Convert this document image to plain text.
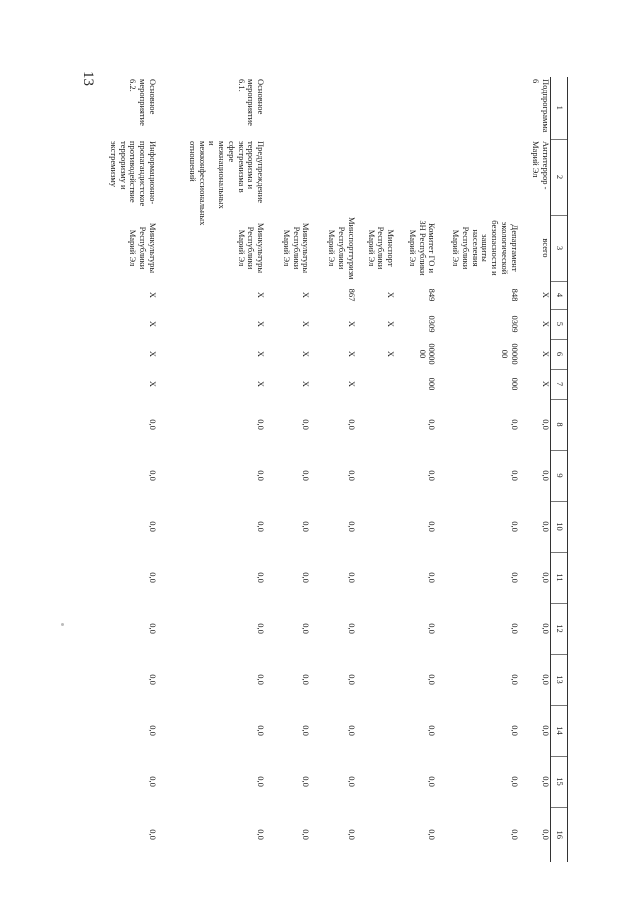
13
1	2	3	4	5	6	7	8	9	10	11	12	13	14	15	16
Подпрограмма 6	Антитеррор - Марий Эл	всего	X	X	X	X	0,0	0,0	0,0	0,0	0,0	0,0	0,0	0,0	0,0
		Департамент экологической безопасности и защиты населения Республики Марий Эл	848	0309	00000 00	000	0,0	0,0	0,0	0,0	0,0	0,0	0,0	0,0	0,0
		Комитет ГО и ЗН Республики Марий Эл	849	0309	00000 00	000	0,0	0,0	0,0	0,0	0,0	0,0	0,0	0,0	0,0
		Минспорт Республики Марий Эл	X	X	X										
		Минспорттуризм Республики Марий Эл	867	X	X	X	0,0	0,0	0,0	0,0	0,0	0,0	0,0	0,0	0,0
		Минкультуры Республики Марий Эл	X	X	X	X	0,0	0,0	0,0	0,0	0,0	0,0	0,0	0,0	0,0
Основное мероприятие 6.1.	Предупреждение терроризма и экстремизма в сфере межнациональных и межконфессиональных отношений	Минкультуры Республики Марий Эл	X	X	X	X	0,0	0,0	0,0	0,0	0,0	0,0	0,0	0,0	0,0
Основное мероприятие 6.2.	Информационно-пропагандистское противодействие терроризму и экстремизму	Минкультуры Республики Марий Эл	X	X	X	X	0,0	0,0	0,0	0,0	0,0	0,0	0,0	0,0	0,0
